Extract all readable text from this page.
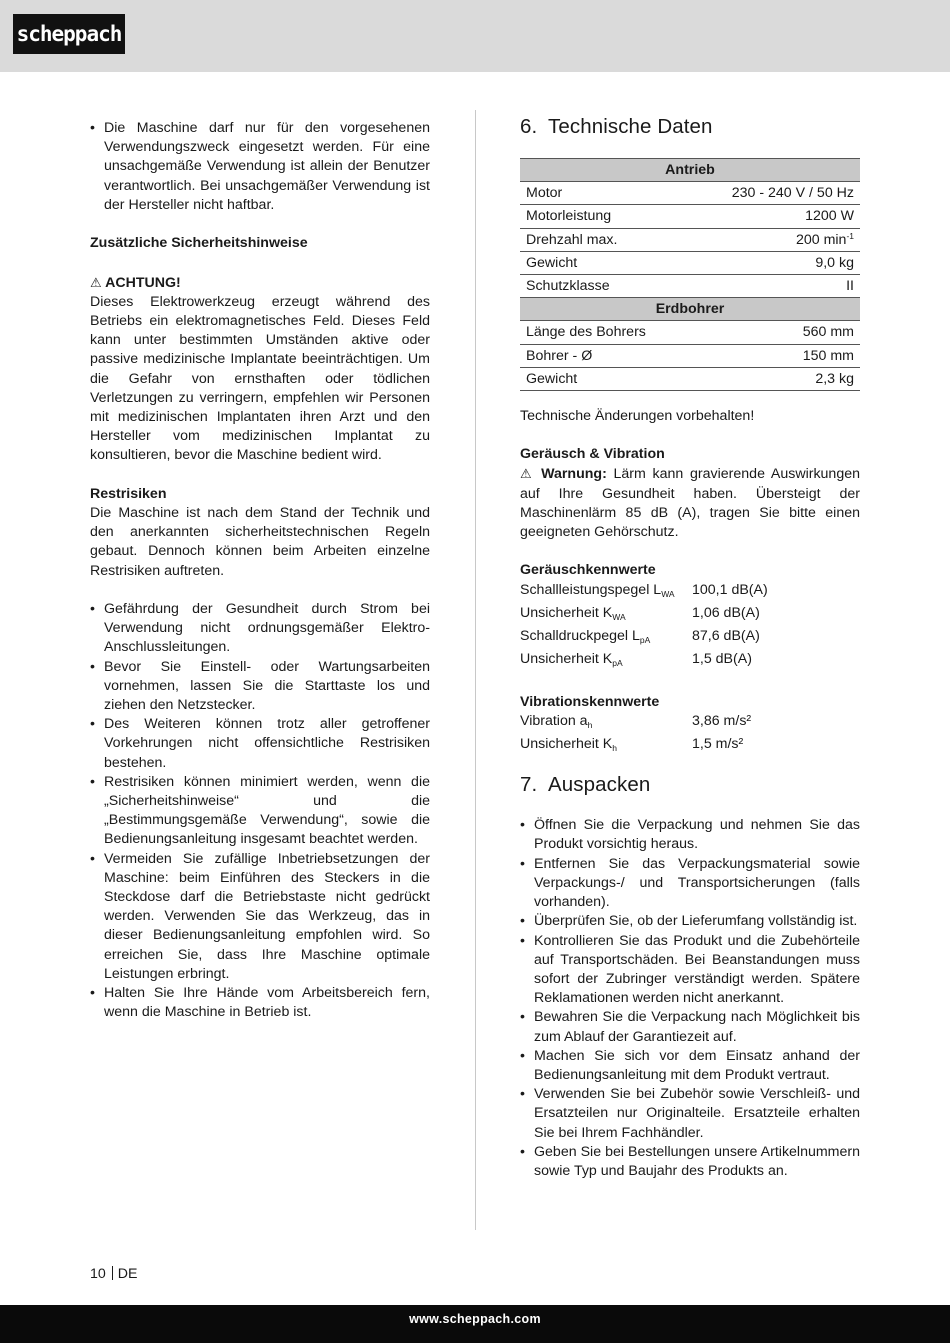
scheppach
• Die Maschine darf nur für den vorgesehenen Verwendungszweck eingesetzt werden. Für eine unsachgemäße Verwendung ist allein der Benutzer verantwortlich. Bei unsachgemäßer Verwendung ist der Hersteller nicht haftbar.
Zusätzliche Sicherheitshinweise
⚠ ACHTUNG!

Dieses Elektrowerkzeug erzeugt während des Betriebs ein elektromagnetisches Feld. Dieses Feld kann unter bestimmten Umständen aktive oder passive medizinische Implantate beeinträchtigen. Um die Gefahr von ernsthaften oder tödlichen Verletzungen zu verringern, empfehlen wir Personen mit medizinischen Implantaten ihren Arzt und den Hersteller vom medizinischen Implantat zu konsultieren, bevor die Maschine bedient wird.

Restrisiken

Die Maschine ist nach dem Stand der Technik und den anerkannten sicherheitstechnischen Regeln gebaut. Dennoch können beim Arbeiten einzelne Restrisiken auftreten.

• Gefährdung der Gesundheit durch Strom bei Verwendung nicht ordnungsgemäßer Elektro-Anschlussleitungen.
• Bevor Sie Einstell- oder Wartungsarbeiten vornehmen, lassen Sie die Starttaste los und ziehen den Netzstecker.
• Des Weiteren können trotz aller getroffener Vorkehrungen nicht offensichtliche Restrisiken bestehen.
• Restrisiken können minimiert werden, wenn die „Sicherheitshinweise“ und die „Bestimmungsgemäße Verwendung“, sowie die Bedienungsanleitung insgesamt beachtet werden.
• Vermeiden Sie zufällige Inbetriebsetzungen der Maschine: beim Einführen des Steckers in die Steckdose darf die Betriebstaste nicht gedrückt werden. Verwenden Sie das Werkzeug, das in dieser Bedienungsanleitung empfohlen wird. So erreichen Sie, dass Ihre Maschine optimale Leistungen erbringt.
• Halten Sie Ihre Hände vom Arbeitsbereich fern, wenn die Maschine in Betrieb ist.
6. Technische Daten
Antrieb	
Motor	230 - 240 V / 50 Hz
Motorleistung	1200 W
Drehzahl max.	200 $\min^{-1}$
Gewicht	9,0 kg
Schutzklasse	II
Erdbohrer	
Länge des Bohrers	560 mm
Bohrer - Ø	150 mm
Gewicht	2,3 kg

Technische Änderungen vorbehalten!

Geräusch & Vibration

⚠ Warnung: Lärm kann gravierende Auswirkungen auf Ihre Gesundheit haben. Übersteigt der Maschinenlärm 85 dB (A), tragen Sie bitte einen geeigneten Gehörschutz.

Geräuschkennwerte
Schallleistungspegel $L_{WA}$	100,1 dB(A)
Unsicherheit $K_{WA}$	1,06 dB(A)
Schalldruckpegel $L_{pA}$	87,6 dB(A)
Unsicherheit $K_{pA}$	1,5 dB(A)
Vibrationskennwerte
Vibration $a_h$	3,86 m/s²
Unsicherheit $K_h$	1,5 m/s²
7. Auspacken
• Öffnen Sie die Verpackung und nehmen Sie das Produkt vorsichtig heraus.
• Entfernen Sie das Verpackungsmaterial sowie Verpackungs-/ und Transportsicherungen (falls vorhanden).
• Überprüfen Sie, ob der Lieferumfang vollständig ist.
• Kontrollieren Sie das Produkt und die Zubehörteile auf Transportschäden. Bei Beanstandungen muss sofort der Zubringer verständigt werden. Spätere Reklamationen werden nicht anerkannt.
• Bewahren Sie die Verpackung nach Möglichkeit bis zum Ablauf der Garantiezeit auf.
• Machen Sie sich vor dem Einsatz anhand der Bedienungsanleitung mit dem Produkt vertraut.
• Verwenden Sie bei Zubehör sowie Verschleiß- und Ersatzteilen nur Originalteile. Ersatzteile erhalten Sie bei Ihrem Fachhändler.
• Geben Sie bei Bestellungen unsere Artikelnummern sowie Typ und Baujahr des Produkts an.
10 DE
www.scheppach.com
